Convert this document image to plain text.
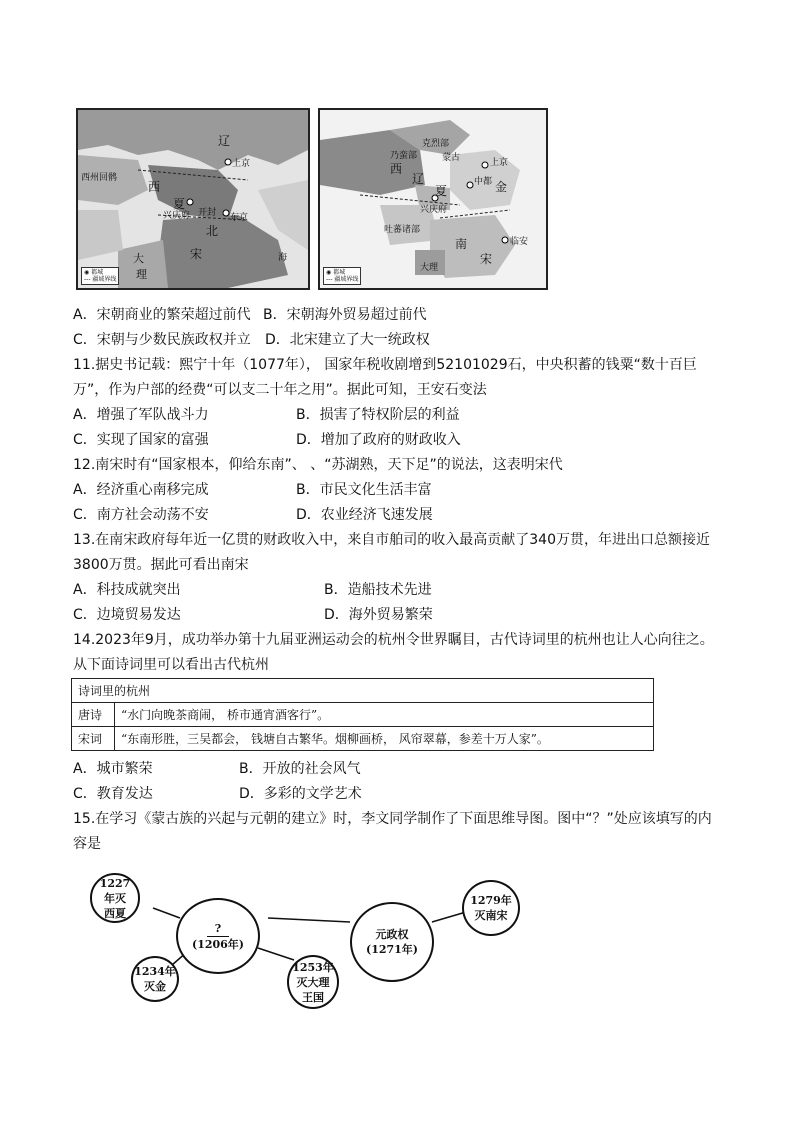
西州回鹘
西
夏
辽
上京
兴庆府 开封 东京
大
理
北
宋	海
◉ 都城
--- 疆域界线
西
辽
克烈部
乃蛮部	蒙古
金
上京
中都
夏
兴庆府
吐蕃诸部
南
宋
临安
大理
◉ 都城
--- 疆域界线
A．宋朝商业的繁荣超过前代 B．宋朝海外贸易超过前代
C．宋朝与少数民族政权并立 D．北宋建立了大一统政权
11.据史书记载：熙宁十年（1077年）， 国家年税收剧增到52101029石，中央积蓄的钱粟“数十百巨
万”，作为户部的经费“可以支二十年之用”。据此可知，王安石变法
A．增强了军队战斗力	B．损害了特权阶层的利益
C．实现了国家的富强	D．增加了政府的财政收入
12.南宋时有“国家根本，仰给东南”、 、“苏湖熟，天下足”的说法，这表明宋代
A．经济重心南移完成	B．市民文化生活丰富
C．南方社会动荡不安	D．农业经济飞速发展
13.在南宋政府每年近一亿贯的财政收入中，来自市舶司的收入最高贡献了340万贯，年进出口总额接近
3800万贯。据此可看出南宋
A．科技成就突出	B．造船技术先进
C．边境贸易发达	D．海外贸易繁荣
14.2023年9月，成功举办第十九届亚洲运动会的杭州令世界瞩目，古代诗词里的杭州也让人心向往之。
从下面诗词里可以看出古代杭州
诗词里的杭州	
唐诗	“水门向晚茶商闹， 桥市通宵酒客行”。
宋词	“东南形胜，三吴都会， 钱塘自古繁华。烟柳画桥， 风帘翠幕，参差十万人家”。
A．城市繁荣	B．开放的社会风气
C．教育发达	D．多彩的文学艺术
15.在学习《蒙古族的兴起与元朝的建立》时，李文同学制作了下面思维导图。图中“？”处应该填写的内
容是
1227
年灭
西夏
?
(1206年)
1234年
灭金
1253年
灭大理
王国
元政权
(1271年)
1279年
灭南宋
